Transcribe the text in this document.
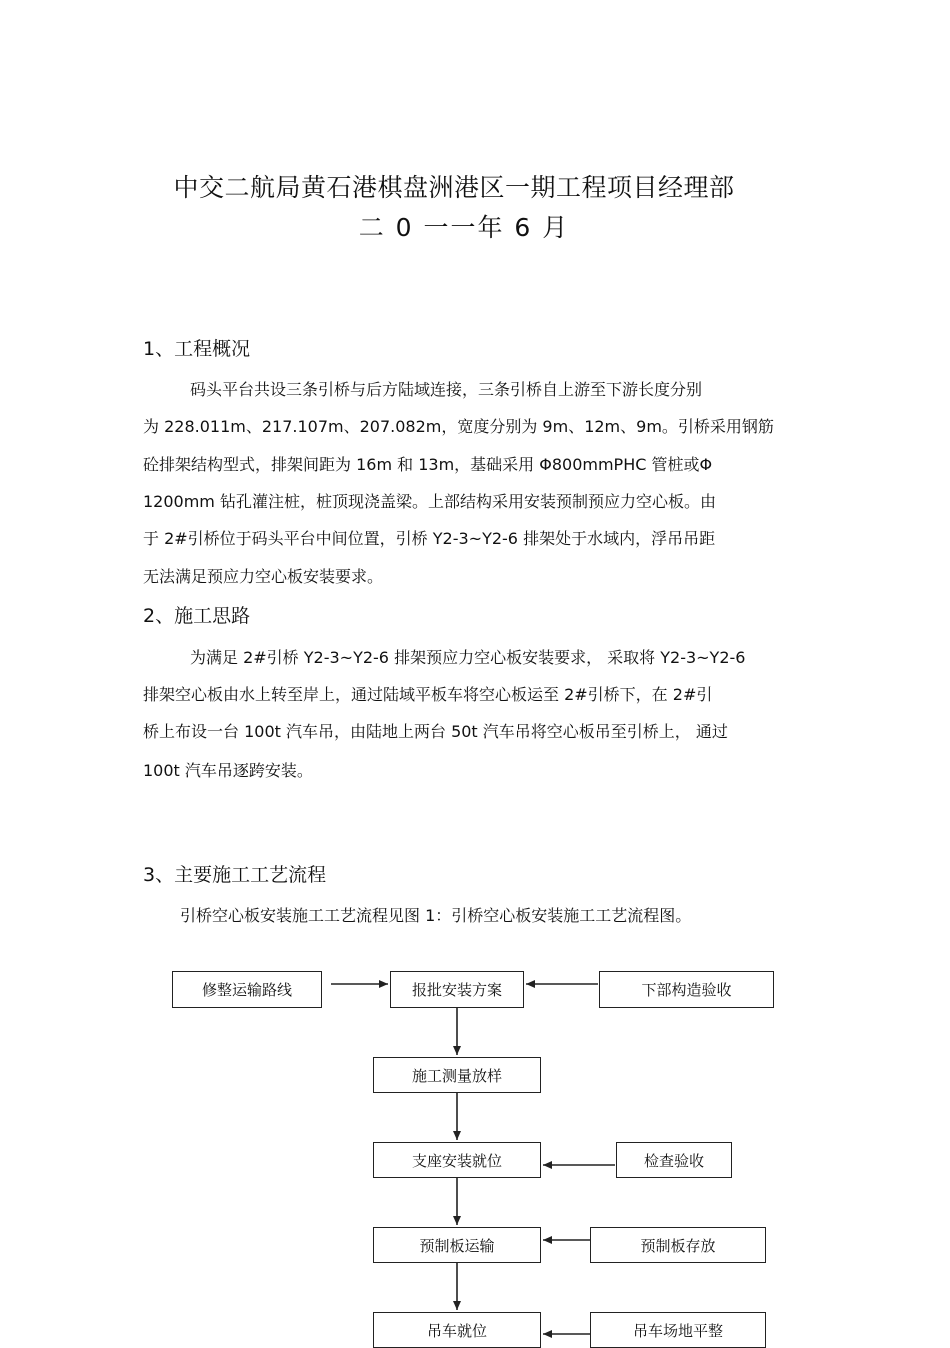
中交二航局黄石港棋盘洲港区一期工程项目经理部
二 0 一一年 6 月
1、工程概况
码头平台共设三条引桥与后方陆域连接，三条引桥自上游至下游长度分别
为 228.011m、217.107m、207.082m，宽度分别为 9m、12m、9m。引桥采用钢筋
砼排架结构型式，排架间距为 16m 和 13m，基础采用 Φ800mmPHC 管桩或Φ
1200mm 钻孔灌注桩，桩顶现浇盖梁。上部结构采用安装预制预应力空心板。由
于 2#引桥位于码头平台中间位置，引桥 Y2-3~Y2-6 排架处于水域内，浮吊吊距
无法满足预应力空心板安装要求。
2、施工思路
为满足 2#引桥 Y2-3~Y2-6 排架预应力空心板安装要求， 采取将 Y2-3~Y2-6
排架空心板由水上转至岸上，通过陆域平板车将空心板运至 2#引桥下，在 2#引
桥上布设一台 100t 汽车吊，由陆地上两台 50t 汽车吊将空心板吊至引桥上， 通过
100t 汽车吊逐跨安装。
3、主要施工工艺流程
引桥空心板安装施工工艺流程见图 1：引桥空心板安装施工工艺流程图。
修整运输路线	报批安装方案	下部构造验收
施工测量放样
支座安装就位	检查验收
预制板运输	预制板存放
吊车就位	吊车场地平整
